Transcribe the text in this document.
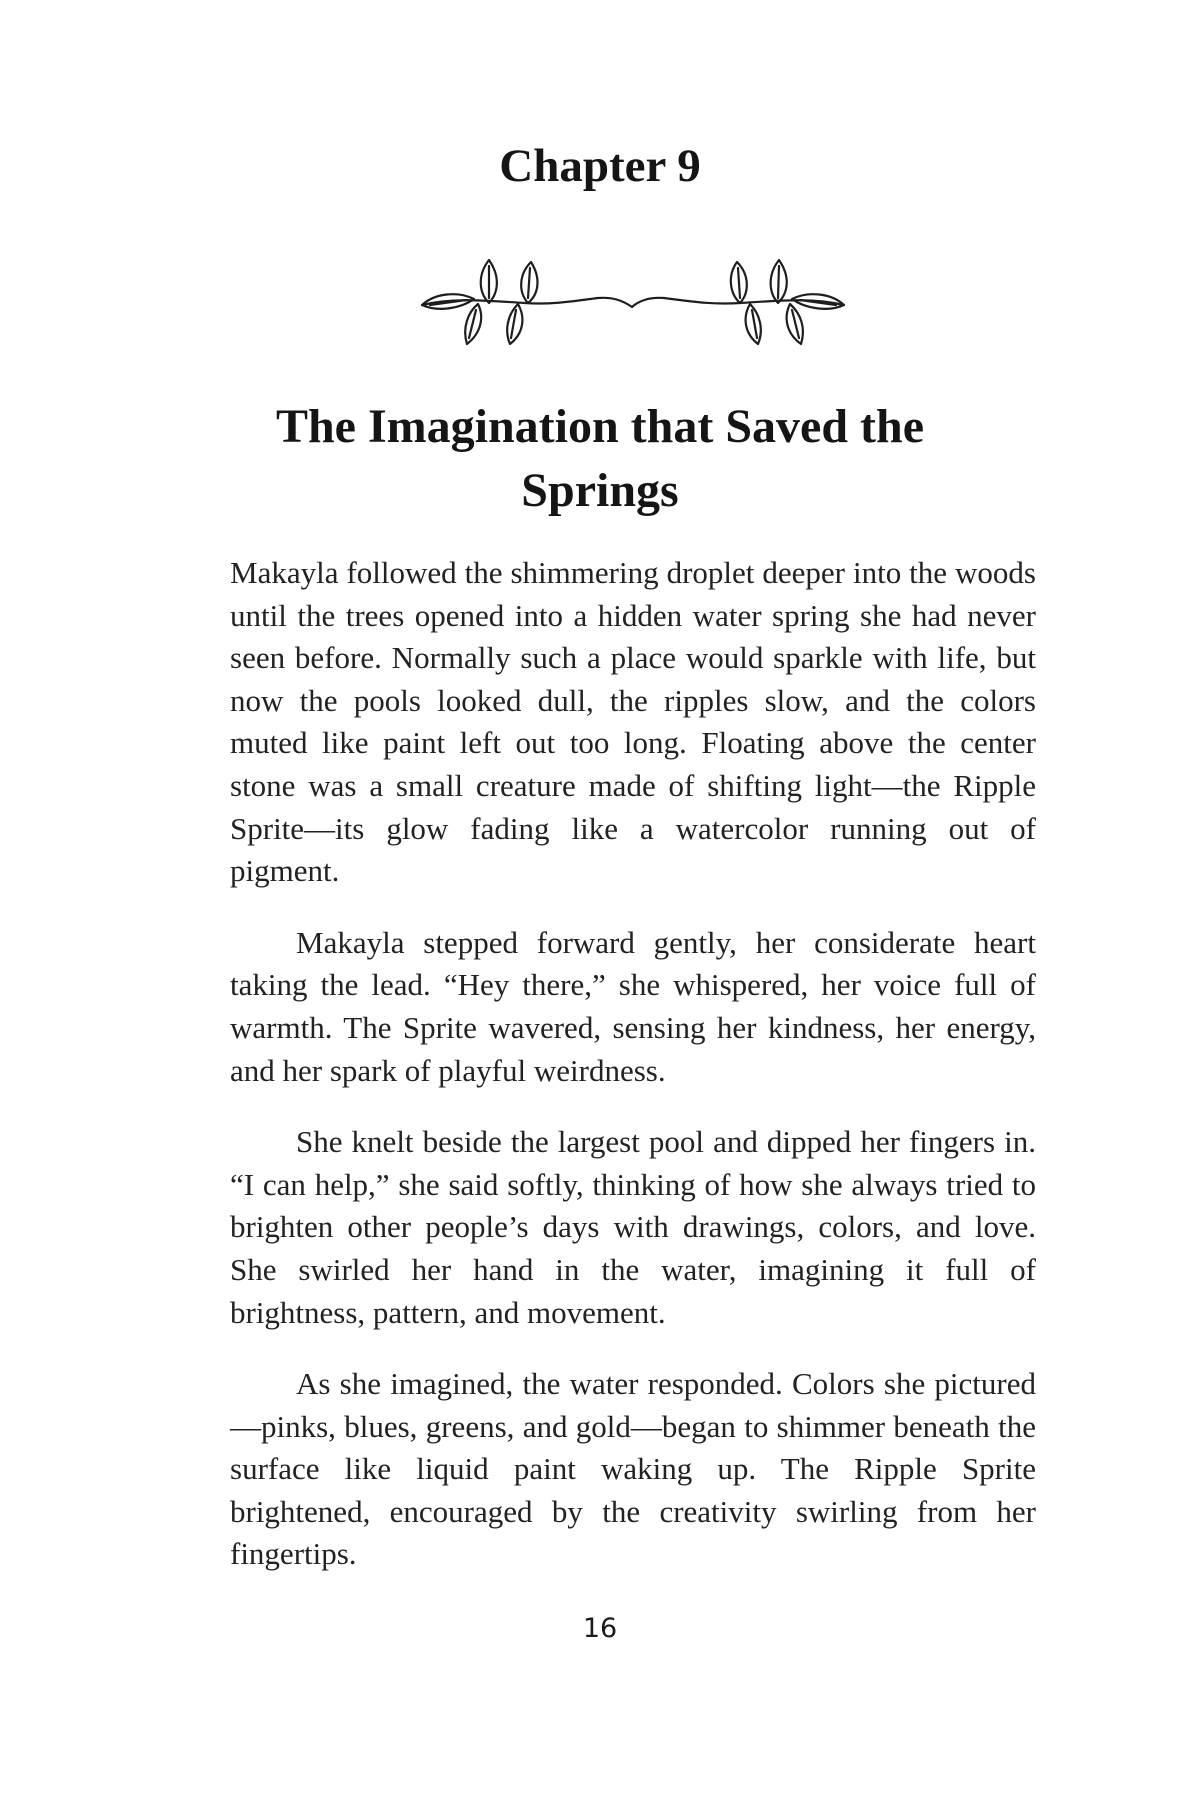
Chapter 9
The Imagination that Saved the Springs

Makayla followed the shimmering droplet deeper into the woods until the trees opened into a hidden water spring she had never seen before. Normally such a place would sparkle with life, but now the pools looked dull, the ripples slow, and the colors muted like paint left out too long. Floating above the center stone was a small creature made of shifting light—the Ripple Sprite—its glow fading like a watercolor running out of pigment.

Makayla stepped forward gently, her considerate heart taking the lead. “Hey there,” she whispered, her voice full of warmth. The Sprite wavered, sensing her kindness, her energy, and her spark of playful weirdness.

She knelt beside the largest pool and dipped her fingers in. “I can help,” she said softly, thinking of how she always tried to brighten other people’s days with drawings, colors, and love. She swirled her hand in the water, imagining it full of brightness, pattern, and movement.

As she imagined, the water responded. Colors she pictured—pinks, blues, greens, and gold—began to shimmer beneath the surface like liquid paint waking up. The Ripple Sprite brightened, encouraged by the creativity swirling from her fingertips.

16
